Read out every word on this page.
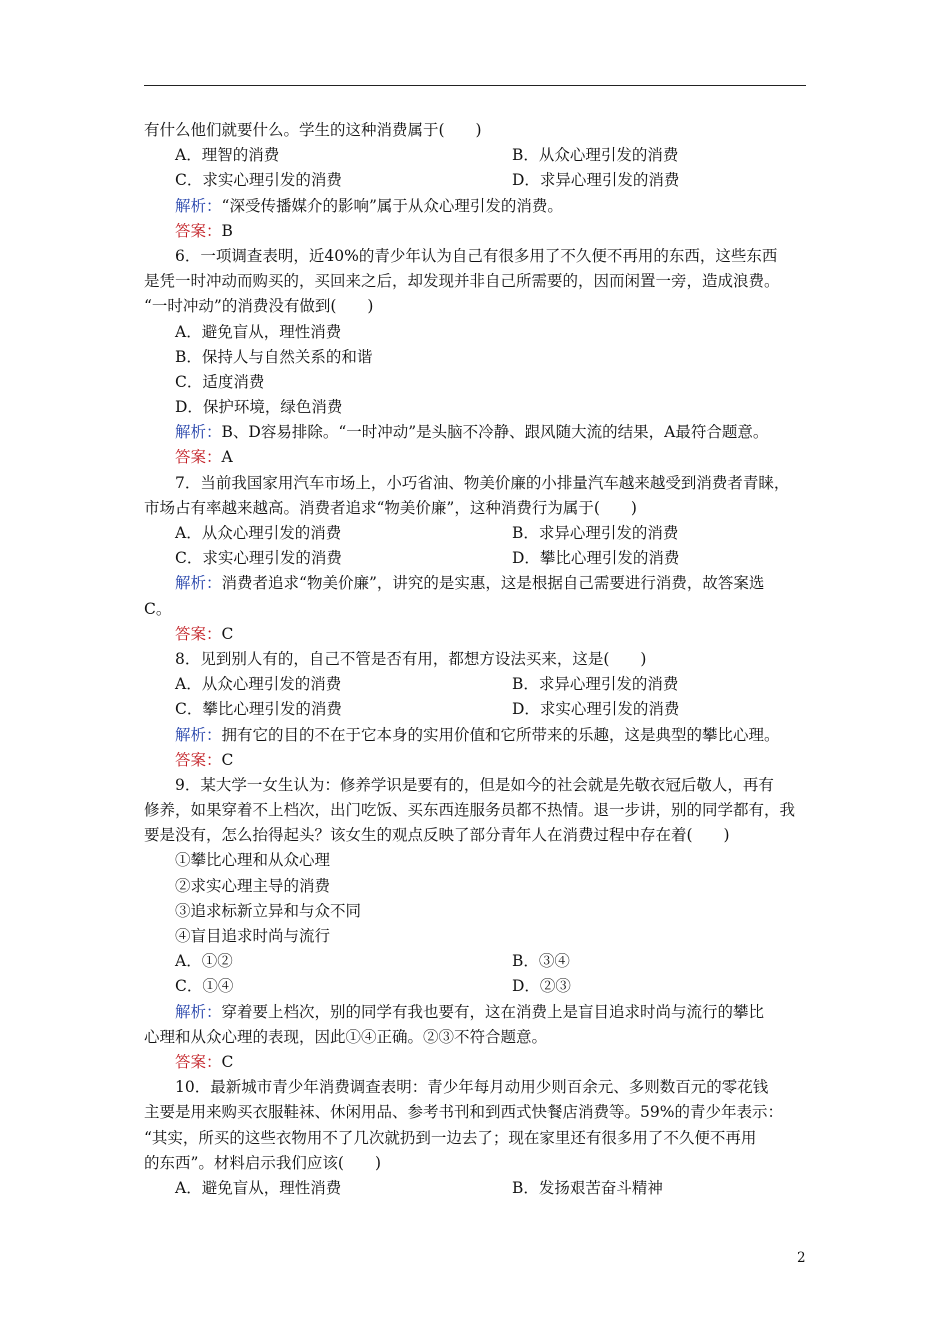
有什么他们就要什么。学生的这种消费属于(　　)
A．理智的消费	B．从众心理引发的消费
C．求实心理引发的消费	D．求异心理引发的消费
解析：“深受传播媒介的影响”属于从众心理引发的消费。
答案：B
6．一项调查表明，近40%的青少年认为自己有很多用了不久便不再用的东西，这些东西
是凭一时冲动而购买的，买回来之后，却发现并非自己所需要的，因而闲置一旁，造成浪费。
“一时冲动”的消费没有做到(　　)
A．避免盲从，理性消费
B．保持人与自然关系的和谐
C．适度消费
D．保护环境，绿色消费
解析：B、D容易排除。“一时冲动”是头脑不冷静、跟风随大流的结果，A最符合题意。
答案：A
7．当前我国家用汽车市场上，小巧省油、物美价廉的小排量汽车越来越受到消费者青睐，
市场占有率越来越高。消费者追求“物美价廉”，这种消费行为属于(　　)
A．从众心理引发的消费	B．求异心理引发的消费
C．求实心理引发的消费	D．攀比心理引发的消费
解析：消费者追求“物美价廉”，讲究的是实惠，这是根据自己需要进行消费，故答案选
C。
答案：C
8．见到别人有的，自己不管是否有用，都想方设法买来，这是(　　)
A．从众心理引发的消费	B．求异心理引发的消费
C．攀比心理引发的消费	D．求实心理引发的消费
解析：拥有它的目的不在于它本身的实用价值和它所带来的乐趣，这是典型的攀比心理。
答案：C
9．某大学一女生认为：修养学识是要有的，但是如今的社会就是先敬衣冠后敬人，再有
修养，如果穿着不上档次，出门吃饭、买东西连服务员都不热情。退一步讲，别的同学都有，我
要是没有，怎么抬得起头？该女生的观点反映了部分青年人在消费过程中存在着(　　)
①攀比心理和从众心理
②求实心理主导的消费
③追求标新立异和与众不同
④盲目追求时尚与流行
A．①②	B．③④
C．①④	D．②③
解析：穿着要上档次，别的同学有我也要有，这在消费上是盲目追求时尚与流行的攀比
心理和从众心理的表现，因此①④正确。②③不符合题意。
答案：C
10．最新城市青少年消费调查表明：青少年每月动用少则百余元、多则数百元的零花钱
主要是用来购买衣服鞋袜、休闲用品、参考书刊和到西式快餐店消费等。59%的青少年表示：
“其实，所买的这些衣物用不了几次就扔到一边去了；现在家里还有很多用了不久便不再用
的东西”。材料启示我们应该(　　)
A．避免盲从，理性消费	B．发扬艰苦奋斗精神
2
